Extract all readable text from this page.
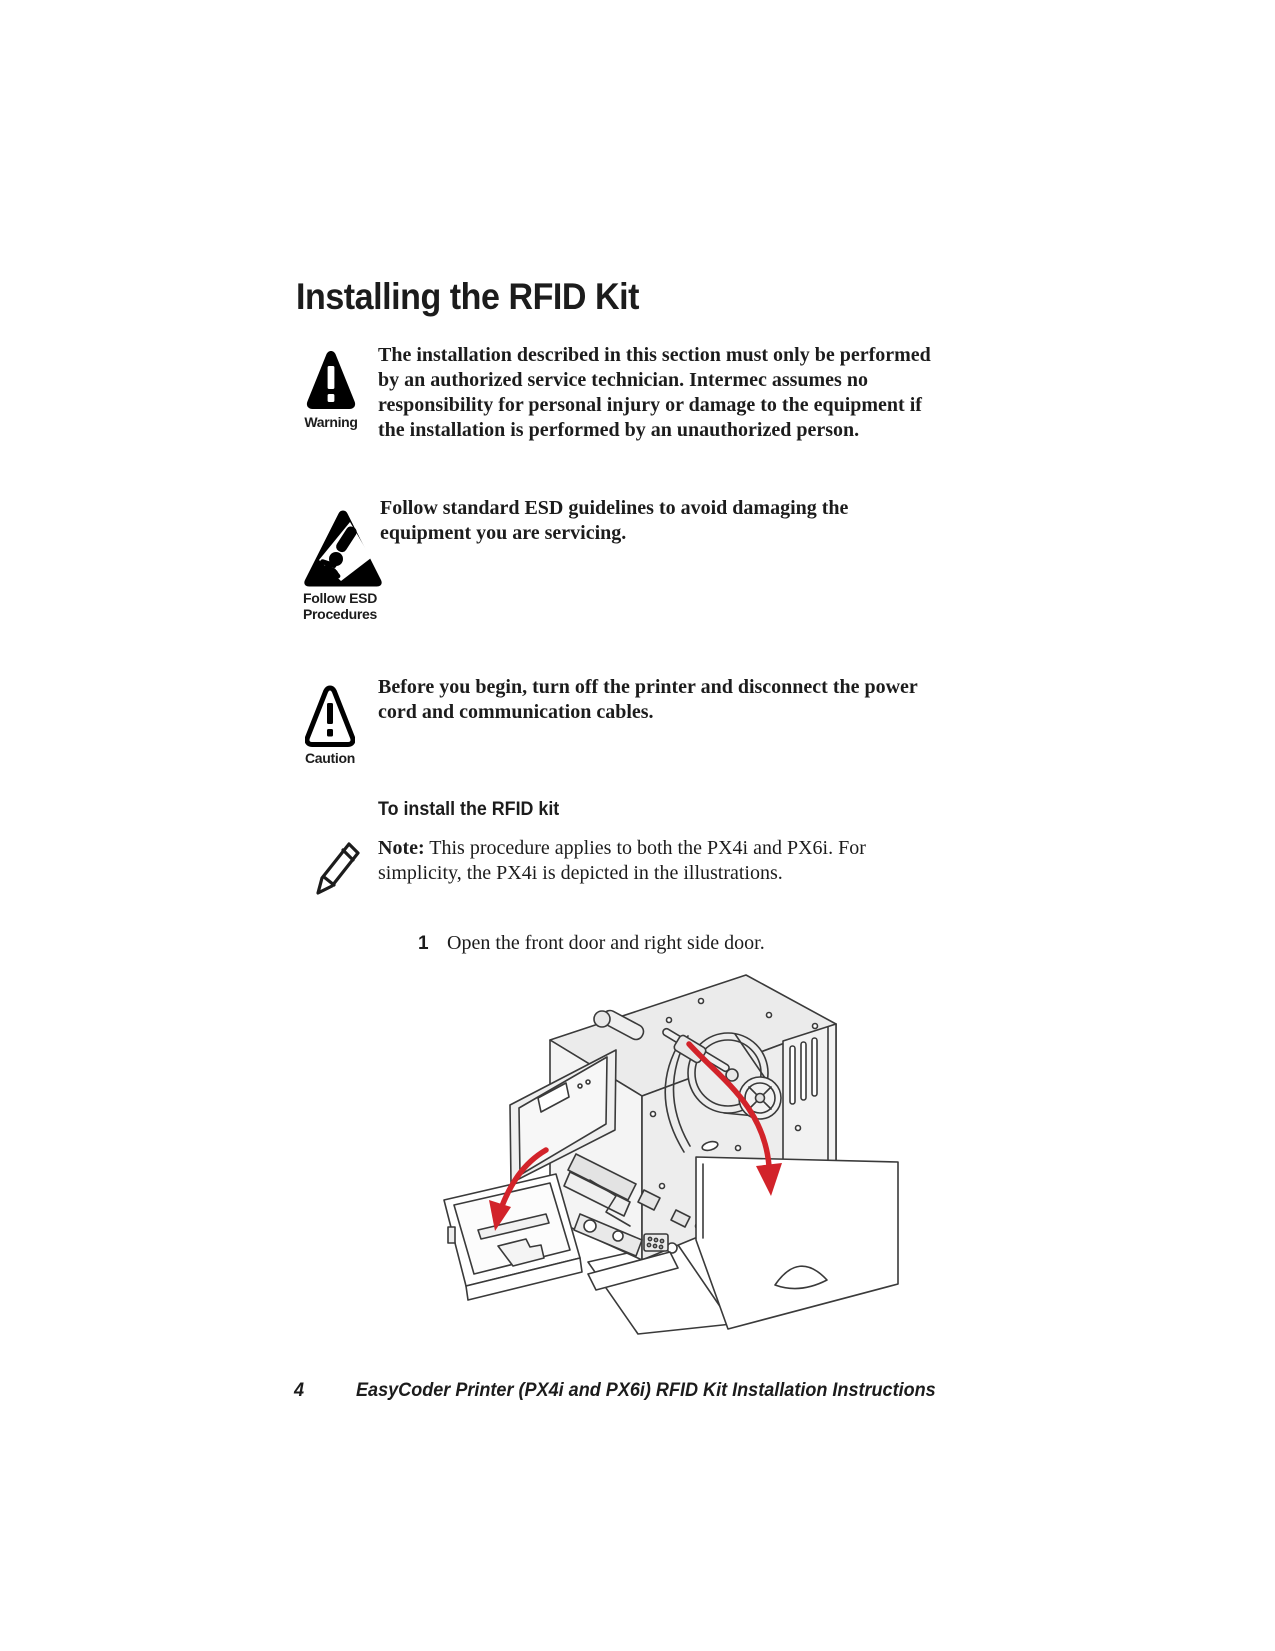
Installing the RFID Kit
Warning
The installation described in this section must only be performed by an authorized service technician. Intermec assumes no responsibility for personal injury or damage to the equipment if the installation is performed by an unauthorized person.
Follow ESD Procedures
Follow standard ESD guidelines to avoid damaging the equipment you are servicing.
Caution
Before you begin, turn off the printer and disconnect the power cord and communication cables.
To install the RFID kit
Note: This procedure applies to both the PX4i and PX6i. For simplicity, the PX4i is depicted in the illustrations.
1 Open the front door and right side door.
4	EasyCoder Printer (PX4i and PX6i) RFID Kit Installation Instructions
